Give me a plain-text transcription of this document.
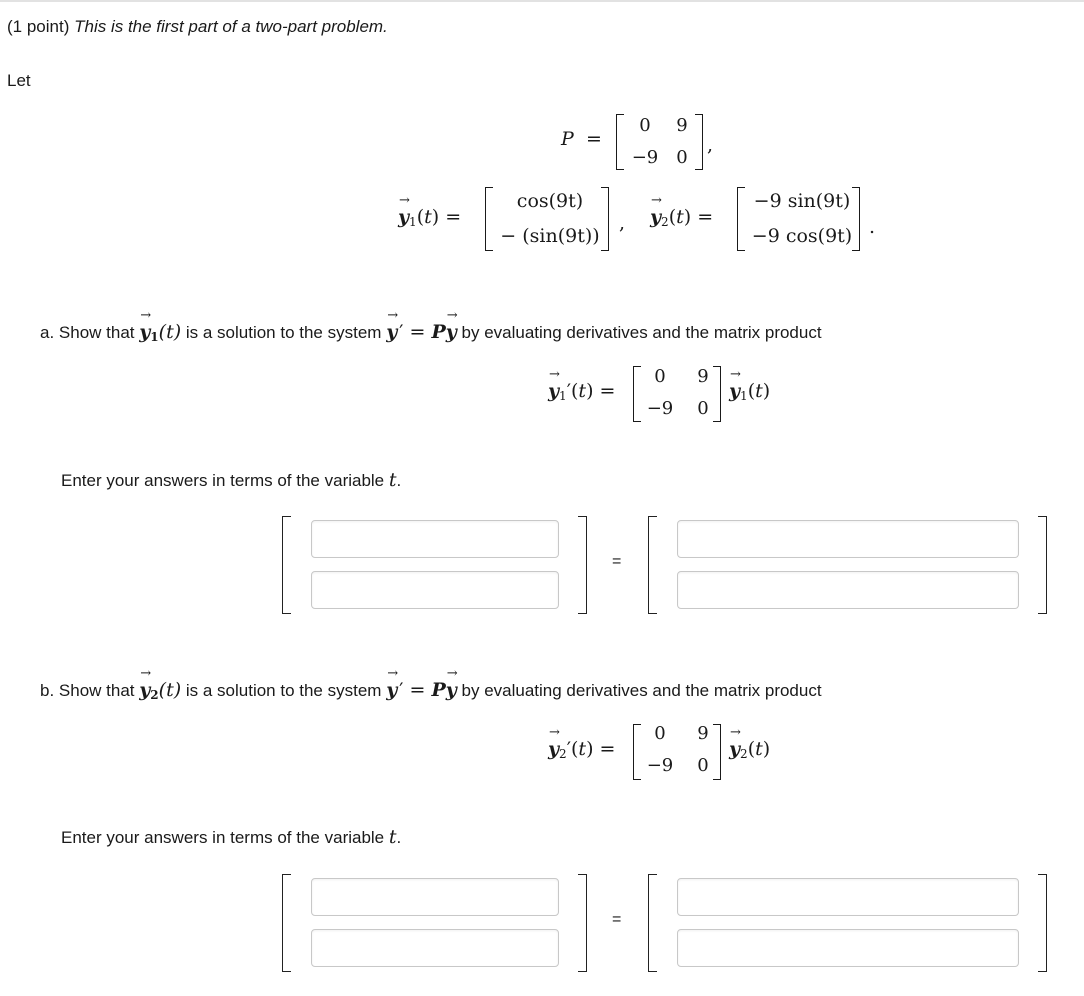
(1 point) This is the first part of a two-part problem.
Let
P =
0	9
−9	0
,
→ y1(t) =
cos(9t)
− (sin(9t))
, → y2(t) =
−9 sin(9t)
−9 cos(9t) .
a. Show that → $y_1(t)$ is a solution to the system → y ′ = P→ y by evaluating derivatives and the matrix product
→ y1′(t) =
0	9
−9	0
→ y1(t)
Enter your answers in terms of the variable t.
=
b. Show that → $y_2(t)$ is a solution to the system → y ′ = P→ y by evaluating derivatives and the matrix product
→ y2′(t) =
0	9
−9	0
→ y2(t)
Enter your answers in terms of the variable t.
=
